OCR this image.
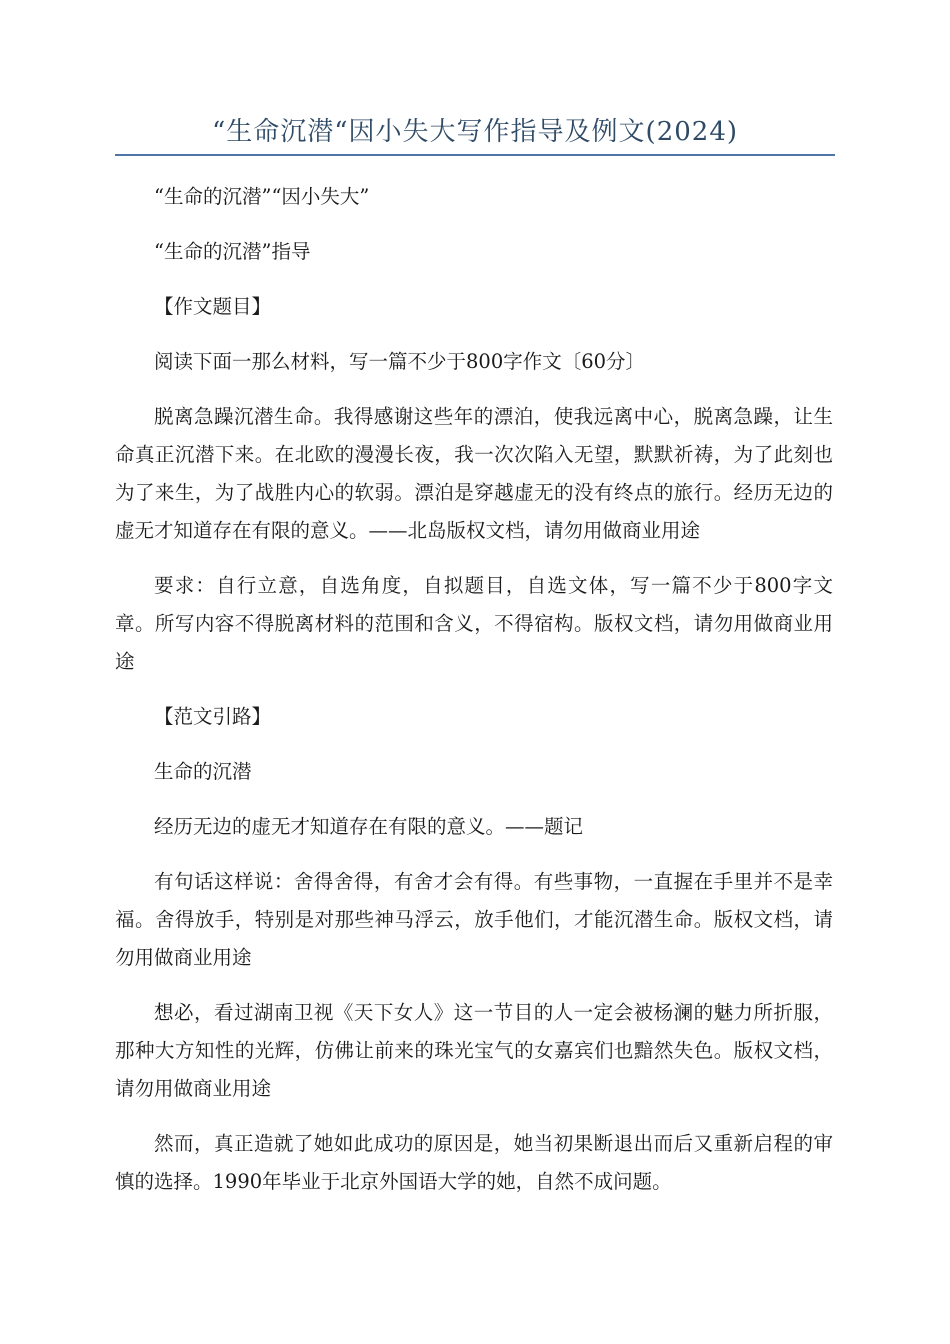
“生命沉潜“因小失大写作指导及例文(2024)

“生命的沉潜”“因小失大”

“生命的沉潜”指导

【作文题目】

阅读下面一那么材料，写一篇不少于800字作文〔60分〕

脱离急躁沉潜生命。我得感谢这些年的漂泊，使我远离中心，脱离急躁，让生命真正沉潜下来。在北欧的漫漫长夜，我一次次陷入无望，默默祈祷，为了此刻也为了来生，为了战胜内心的软弱。漂泊是穿越虚无的没有终点的旅行。经历无边的虚无才知道存在有限的意义。——北岛版权文档，请勿用做商业用途

要求：自行立意，自选角度，自拟题目，自选文体，写一篇不少于800字文章。所写内容不得脱离材料的范围和含义，不得宿构。版权文档，请勿用做商业用途

【范文引路】

生命的沉潜

经历无边的虚无才知道存在有限的意义。——题记

有句话这样说：舍得舍得，有舍才会有得。有些事物，一直握在手里并不是幸福。舍得放手，特别是对那些神马浮云，放手他们，才能沉潜生命。版权文档，请勿用做商业用途

想必，看过湖南卫视《天下女人》这一节目的人一定会被杨澜的魅力所折服，那种大方知性的光辉，仿佛让前来的珠光宝气的女嘉宾们也黯然失色。版权文档，请勿用做商业用途

然而，真正造就了她如此成功的原因是，她当初果断退出而后又重新启程的审慎的选择。1990年毕业于北京外国语大学的她，自然不成问题。
